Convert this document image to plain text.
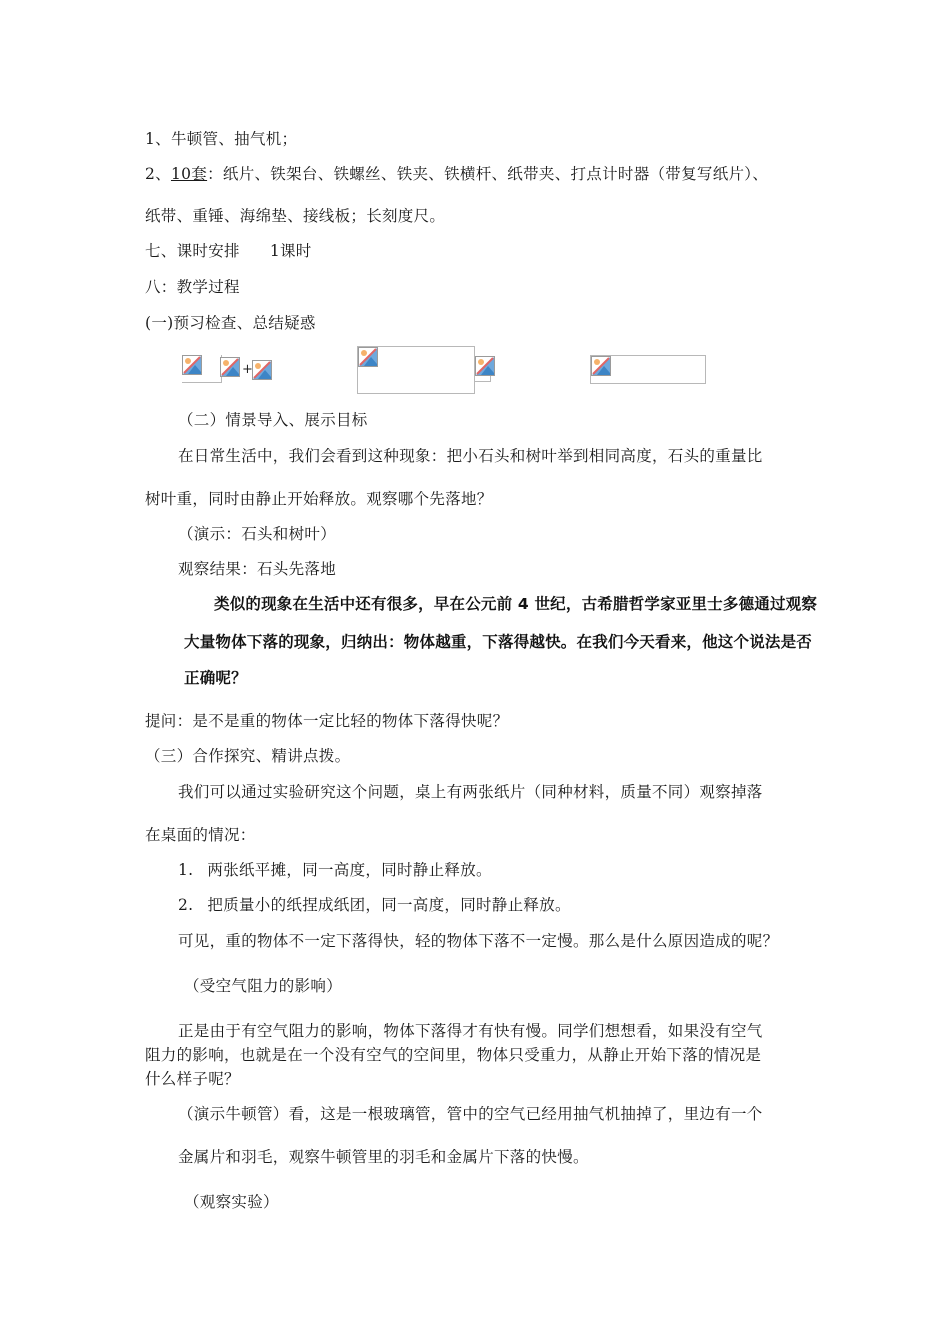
1、牛顿管、抽气机；
2、10套：纸片、铁架台、铁螺丝、铁夹、铁横杆、纸带夹、打点计时器（带复写纸片）、
纸带、重锤、海绵垫、接线板；长刻度尺。
七、课时安排 1课时
八：教学过程
(一)预习检查、总结疑惑
+
（二）情景导入、展示目标
在日常生活中，我们会看到这种现象：把小石头和树叶举到相同高度，石头的重量比
树叶重，同时由静止开始释放。观察哪个先落地？
（演示：石头和树叶）
观察结果：石头先落地
类似的现象在生活中还有很多，早在公元前 4 世纪，古希腊哲学家亚里士多德通过观察
大量物体下落的现象，归纳出：物体越重，下落得越快。在我们今天看来，他这个说法是否
正确呢？
提问：是不是重的物体一定比轻的物体下落得快呢？
（三）合作探究、精讲点拨。
我们可以通过实验研究这个问题，桌上有两张纸片（同种材料，质量不同）观察掉落
在桌面的情况：
1. 两张纸平摊，同一高度，同时静止释放。
2. 把质量小的纸捏成纸团，同一高度，同时静止释放。
可见，重的物体不一定下落得快，轻的物体下落不一定慢。那么是什么原因造成的呢？
（受空气阻力的影响）
正是由于有空气阻力的影响，物体下落得才有快有慢。同学们想想看，如果没有空气
阻力的影响，也就是在一个没有空气的空间里，物体只受重力，从静止开始下落的情况是
什么样子呢？
（演示牛顿管）看，这是一根玻璃管，管中的空气已经用抽气机抽掉了，里边有一个
金属片和羽毛，观察牛顿管里的羽毛和金属片下落的快慢。
（观察实验）
